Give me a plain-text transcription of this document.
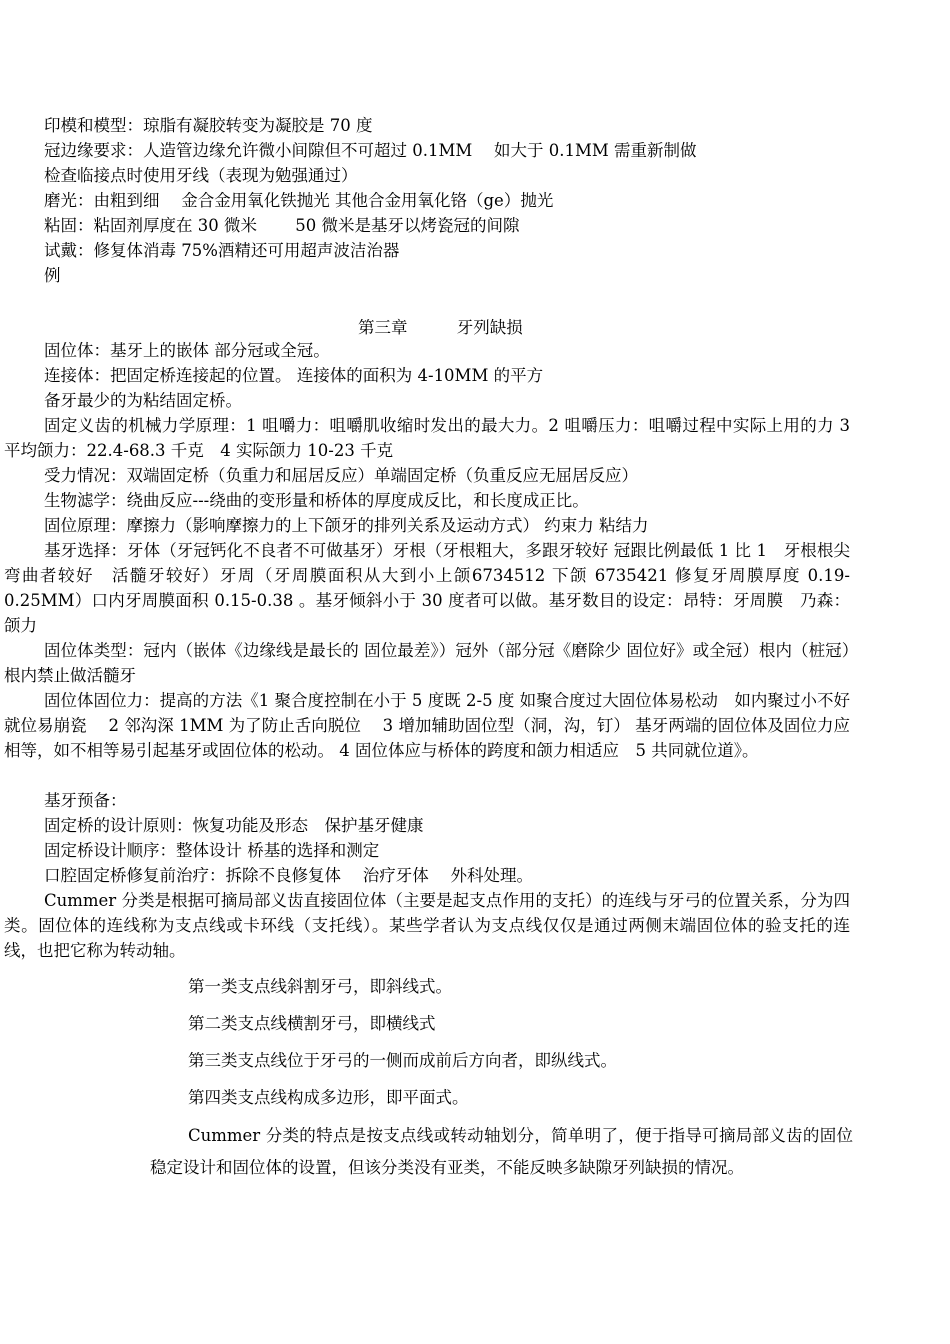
印模和模型：琼脂有凝胶转变为凝胶是 70 度
冠边缘要求：人造管边缘允许微小间隙但不可超过 0.1MM　 如大于 0.1MM 需重新制做
检查临接点时使用牙线（表现为勉强通过）
磨光：由粗到细　 金合金用氧化铁抛光 其他合金用氧化铬（ge）抛光
粘固：粘固剂厚度在 30 微米　　 50 微米是基牙以烤瓷冠的间隙
试戴：修复体消毒 75%酒精还可用超声波洁治器
例
第三章 牙列缺损
固位体：基牙上的嵌体 部分冠或全冠。
连接体：把固定桥连接起的位置。 连接体的面积为 4-10MM 的平方
备牙最少的为粘结固定桥。
固定义齿的机械力学原理：1 咀嚼力：咀嚼肌收缩时发出的最大力。2 咀嚼压力：咀嚼过程中实际上用的力 3 平均颌力：22.4-68.3 千克　4 实际颌力 10-23 千克
受力情况：双端固定桥（负重力和屈居反应）单端固定桥（负重反应无屈居反应）
生物滤学：绕曲反应---绕曲的变形量和桥体的厚度成反比，和长度成正比。
固位原理：摩擦力（影响摩擦力的上下颌牙的排列关系及运动方式） 约束力 粘结力
基牙选择：牙体（牙冠钙化不良者不可做基牙）牙根（牙根粗大，多跟牙较好 冠跟比例最低 1 比 1　牙根根尖弯曲者较好　活髓牙较好）牙周（牙周膜面积从大到小上颌6734512 下颌 6735421 修复牙周膜厚度 0.19-0.25MM）口内牙周膜面积 0.15-0.38 。基牙倾斜小于 30 度者可以做。基牙数目的设定：昂特：牙周膜　乃森：颌力
固位体类型：冠内（嵌体《边缘线是最长的 固位最差》）冠外（部分冠《磨除少 固位好》或全冠）根内（桩冠）根内禁止做活髓牙
固位体固位力：提高的方法《1 聚合度控制在小于 5 度既 2-5 度 如聚合度过大固位体易松动　如内聚过小不好就位易崩瓷　 2 邻沟深 1MM 为了防止舌向脱位　 3 增加辅助固位型（洞，沟，钉） 基牙两端的固位体及固位力应相等，如不相等易引起基牙或固位体的松动。 4 固位体应与桥体的跨度和颌力相适应　5 共同就位道》。
基牙预备：
固定桥的设计原则：恢复功能及形态　保护基牙健康
固定桥设计顺序：整体设计 桥基的选择和测定
口腔固定桥修复前治疗：拆除不良修复体　 治疗牙体　 外科处理。
Cummer 分类是根据可摘局部义齿直接固位体（主要是起支点作用的支托）的连线与牙弓的位置关系，分为四类。固位体的连线称为支点线或卡环线（支托线）。某些学者认为支点线仅仅是通过两侧末端固位体的验支托的连线，也把它称为转动轴。
第一类支点线斜割牙弓，即斜线式。
第二类支点线横割牙弓，即横线式
第三类支点线位于牙弓的一侧而成前后方向者，即纵线式。
第四类支点线构成多边形，即平面式。
Cummer 分类的特点是按支点线或转动轴划分，简单明了，便于指导可摘局部义齿的固位稳定设计和固位体的设置，但该分类没有亚类，不能反映多缺隙牙列缺损的情况。
